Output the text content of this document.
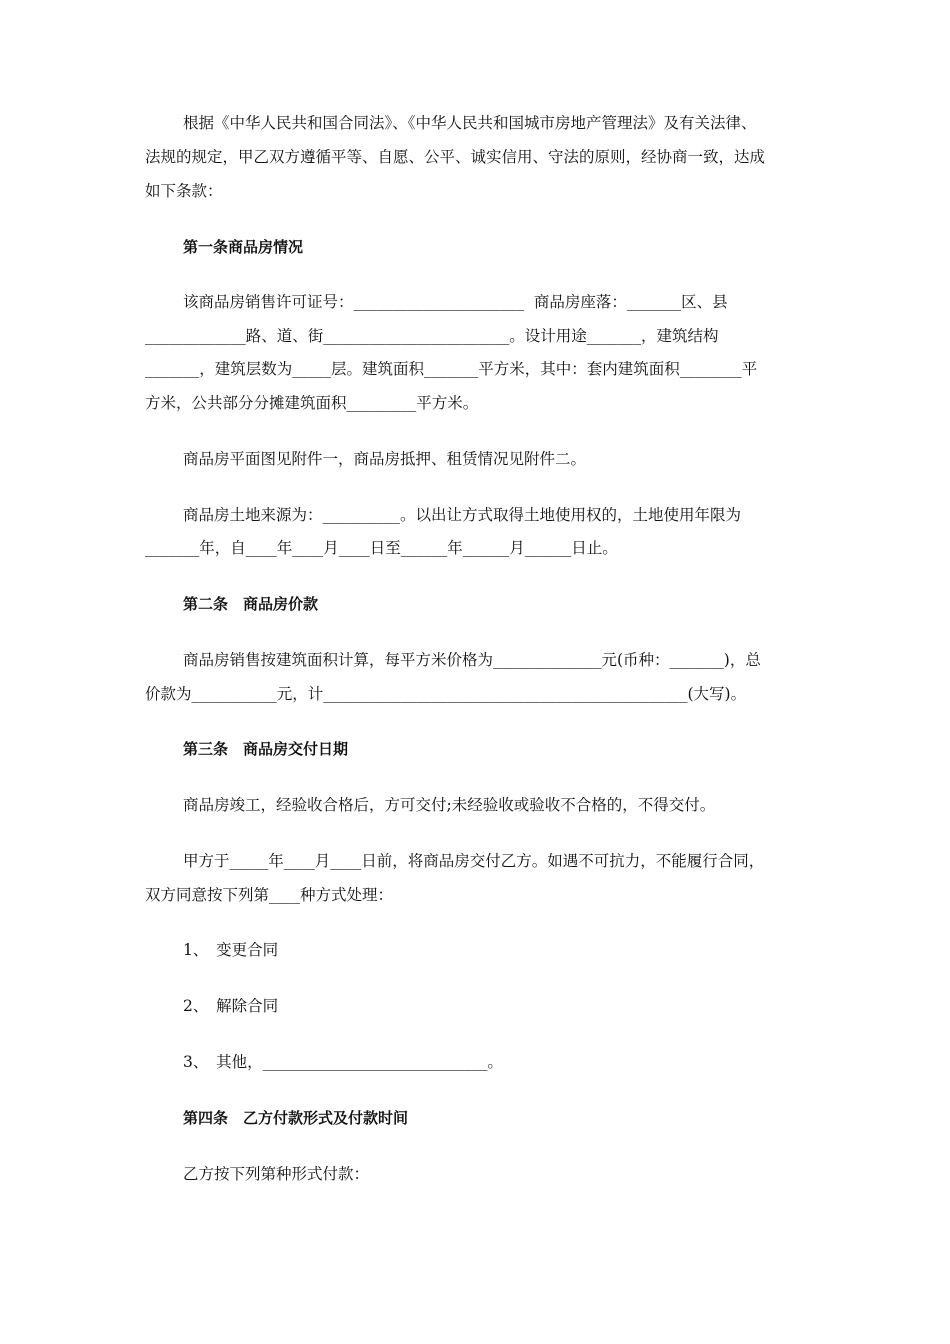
根据《中华人民共和国合同法》、《中华人民共和国城市房地产管理法》及有关法律、
法规的规定，甲乙双方遵循平等、自愿、公平、诚实信用、守法的原则，经协商一致，达成
如下条款：
第一条商品房情况
该商品房销售许可证号：______________________  商品房座落：_______区、县
_____________路、道、街________________________。设计用途_______，建筑结构
_______，建筑层数为_____层。建筑面积_______平方米，其中：套内建筑面积________平
方米，公共部分分摊建筑面积_________平方米。
商品房平面图见附件一，商品房抵押、租赁情况见附件二。
商品房土地来源为：__________。以出让方式取得土地使用权的，土地使用年限为
_______年，自____年____月____日至______年______月______日止。
第二条　商品房价款
商品房销售按建筑面积计算，每平方米价格为______________元(币种：_______)，总
价款为___________元，计_______________________________________________(大写)。
第三条　商品房交付日期
商品房竣工，经验收合格后，方可交付;未经验收或验收不合格的，不得交付。
甲方于_____年____月____日前，将商品房交付乙方。如遇不可抗力，不能履行合同，
双方同意按下列第____种方式处理：
1、　变更合同
2、　解除合同
3、　其他，_____________________________。
第四条　乙方付款形式及付款时间
乙方按下列第种形式付款：
